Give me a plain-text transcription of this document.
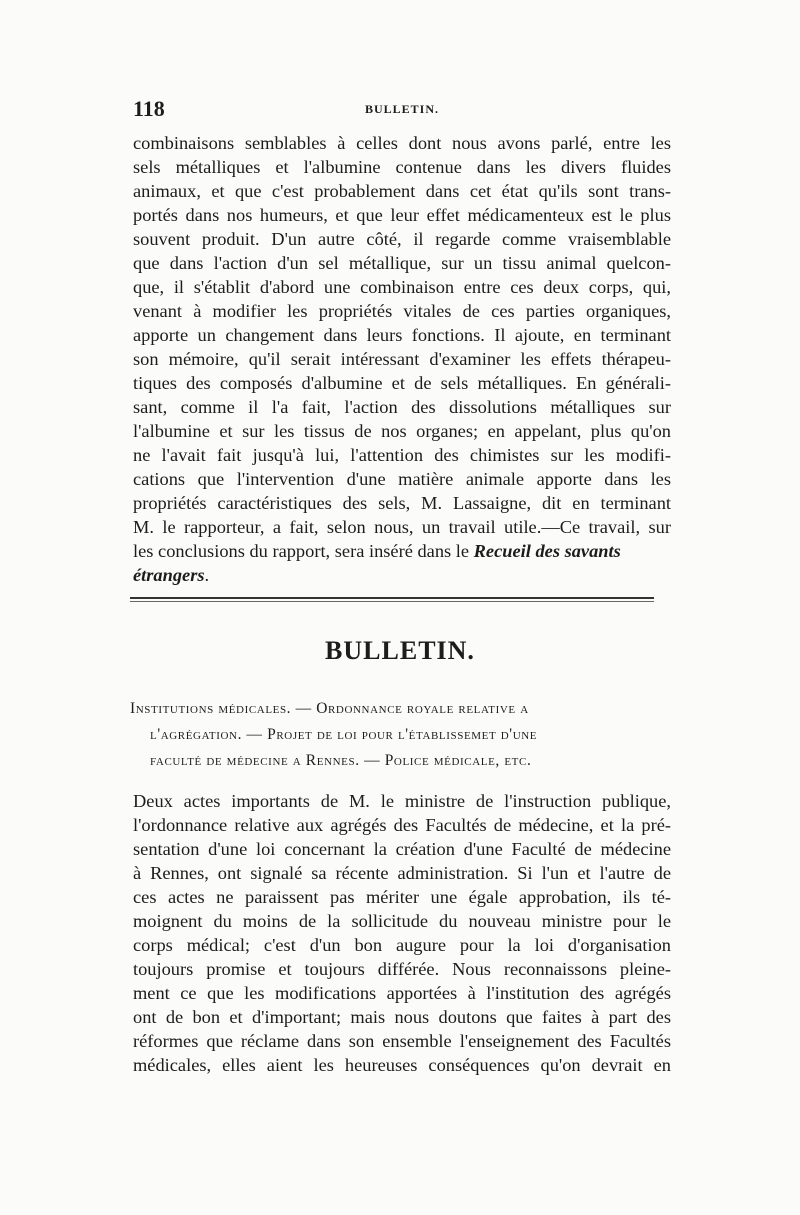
118	BULLETIN.
combinaisons semblables à celles dont nous avons parlé, entre les
sels métalliques et l'albumine contenue dans les divers fluides
animaux, et que c'est probablement dans cet état qu'ils sont trans-
portés dans nos humeurs, et que leur effet médicamenteux est le plus
souvent produit. D'un autre côté, il regarde comme vraisemblable
que dans l'action d'un sel métallique, sur un tissu animal quelcon-
que, il s'établit d'abord une combinaison entre ces deux corps, qui,
venant à modifier les propriétés vitales de ces parties organiques,
apporte un changement dans leurs fonctions. Il ajoute, en terminant
son mémoire, qu'il serait intéressant d'examiner les effets thérapeu-
tiques des composés d'albumine et de sels métalliques. En générali-
sant, comme il l'a fait, l'action des dissolutions métalliques sur
l'albumine et sur les tissus de nos organes; en appelant, plus qu'on
ne l'avait fait jusqu'à lui, l'attention des chimistes sur les modifi-
cations que l'intervention d'une matière animale apporte dans les
propriétés caractéristiques des sels, M. Lassaigne, dit en terminant
M. le rapporteur, a fait, selon nous, un travail utile.—Ce travail, sur
les conclusions du rapport, sera inséré dans le Recueil des savants
étrangers.
BULLETIN.
Institutions médicales. — Ordonnance royale relative a
l'agrégation. — Projet de loi pour l'établissemet d'une
faculté de médecine a Rennes. — Police médicale, etc.
Deux actes importants de M. le ministre de l'instruction publique,
l'ordonnance relative aux agrégés des Facultés de médecine, et la pré-
sentation d'une loi concernant la création d'une Faculté de médecine
à Rennes, ont signalé sa récente administration. Si l'un et l'autre de
ces actes ne paraissent pas mériter une égale approbation, ils té-
moignent du moins de la sollicitude du nouveau ministre pour le
corps médical; c'est d'un bon augure pour la loi d'organisation
toujours promise et toujours différée. Nous reconnaissons pleine-
ment ce que les modifications apportées à l'institution des agrégés
ont de bon et d'important; mais nous doutons que faites à part des
réformes que réclame dans son ensemble l'enseignement des Facultés
médicales, elles aient les heureuses conséquences qu'on devrait en
